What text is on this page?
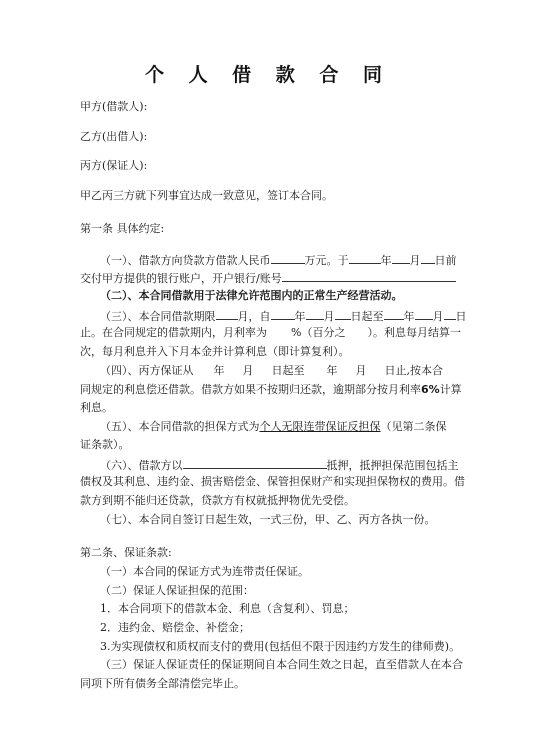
个 人 借 款 合 同
甲方(借款人):
乙方(出借人):
丙方(保证人):
甲乙丙三方就下列事宜达成一致意见，签订本合同。
第一条 具体约定:
（一）、借款方向贷款方借款人民币	万元。于	年 月 日前
交付甲方提供的银行账户，开户银行/账号
（二）、本合同借款用于法律允许范围内的正常生产经营活动。
（三）、本合同借款期限 月，自 年 月 日起至 年 月 日
止。在合同规定的借款期内，月利率为 %（百分之 ）。利息每月结算一
次，每月利息并入下月本金并计算利息（即计算复利）。
（四）、丙方保证从 年 月 日起至 年 月 日止,按本合
同规定的利息偿还借款。借款方如果不按期归还款，逾期部分按月利率6%计算
利息。
（五）、本合同借款的担保方式为个人无限连带保证反担保（见第二条保
证条款）。
（六）、借款方以	抵押，抵押担保范围包括主
债权及其利息、违约金、损害赔偿金、保管担保财产和实现担保物权的费用。借
款方到期不能归还贷款，贷款方有权就抵押物优先受偿。
（七）、本合同自签订日起生效，一式三份，甲、乙、丙方各执一份。
第二条、保证条款:
（一）本合同的保证方式为连带责任保证。
（二）保证人保证担保的范围：
1．本合同项下的借款本金、利息（含复利）、罚息；
2．违约金、赔偿金、补偿金；
3.为实现债权和质权而支付的费用(包括但不限于因违约方发生的律师费)。
（三）保证人保证责任的保证期间自本合同生效之日起，直至借款人在本合
同项下所有债务全部清偿完毕止。
